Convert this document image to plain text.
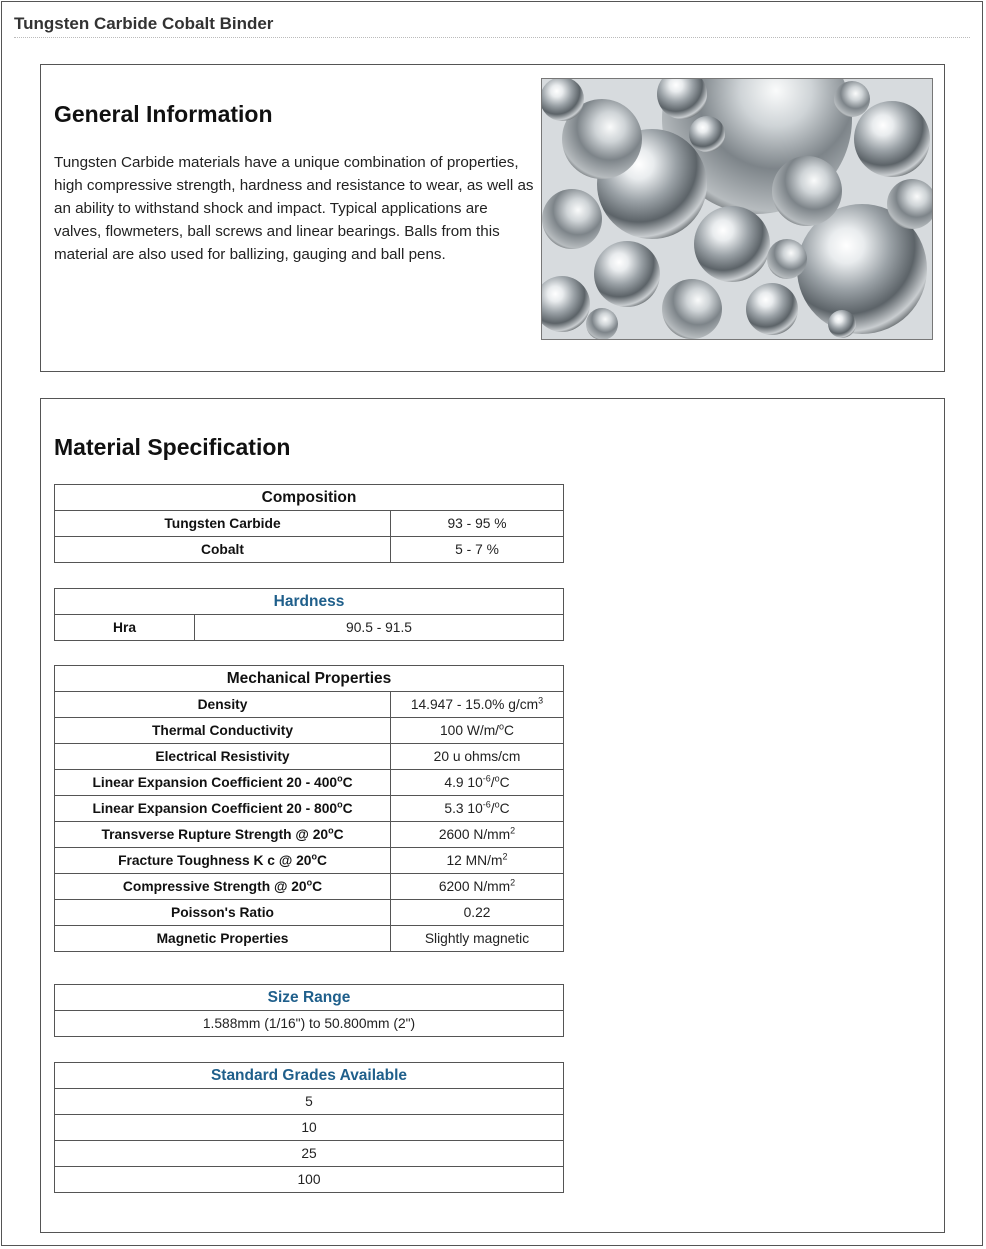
Tungsten Carbide Cobalt Binder
General Information

Tungsten Carbide materials have a unique combination of properties, high compressive strength, hardness and resistance to wear, as well as an ability to withstand shock and impact. Typical applications are valves, flowmeters, ball screws and linear bearings. Balls from this material are also used for ballizing, gauging and ball pens.

Material Specification
Composition	
Tungsten Carbide	93 - 95 %
Cobalt	5 - 7 %
Hardness
Hra	90.5 - 91.5
Mechanical Properties	
Density	14.947 - 15.0% $g/cm^3$
Thermal Conductivity	100 W/m/$^o$C
Electrical Resistivity	20 u ohms/cm
Linear Expansion Coefficient 20 - 400$^o$C	4.9 $10^{-6}/^oC$
Linear Expansion Coefficient 20 - 800$^o$C	5.3 $10^{-6}/^oC$
Transverse Rupture Strength @ 20$^o$C	2600 $N/mm^2$
Fracture Toughness K c @ 20$^o$C	12 $MN/m^2$
Compressive Strength @ 20$^o$C	6200 $N/mm^2$
Poisson's Ratio	0.22
Magnetic Properties	Slightly magnetic
Size Range
1.588mm (1/16") to 50.800mm (2")
Standard Grades Available
5
10
25
100
